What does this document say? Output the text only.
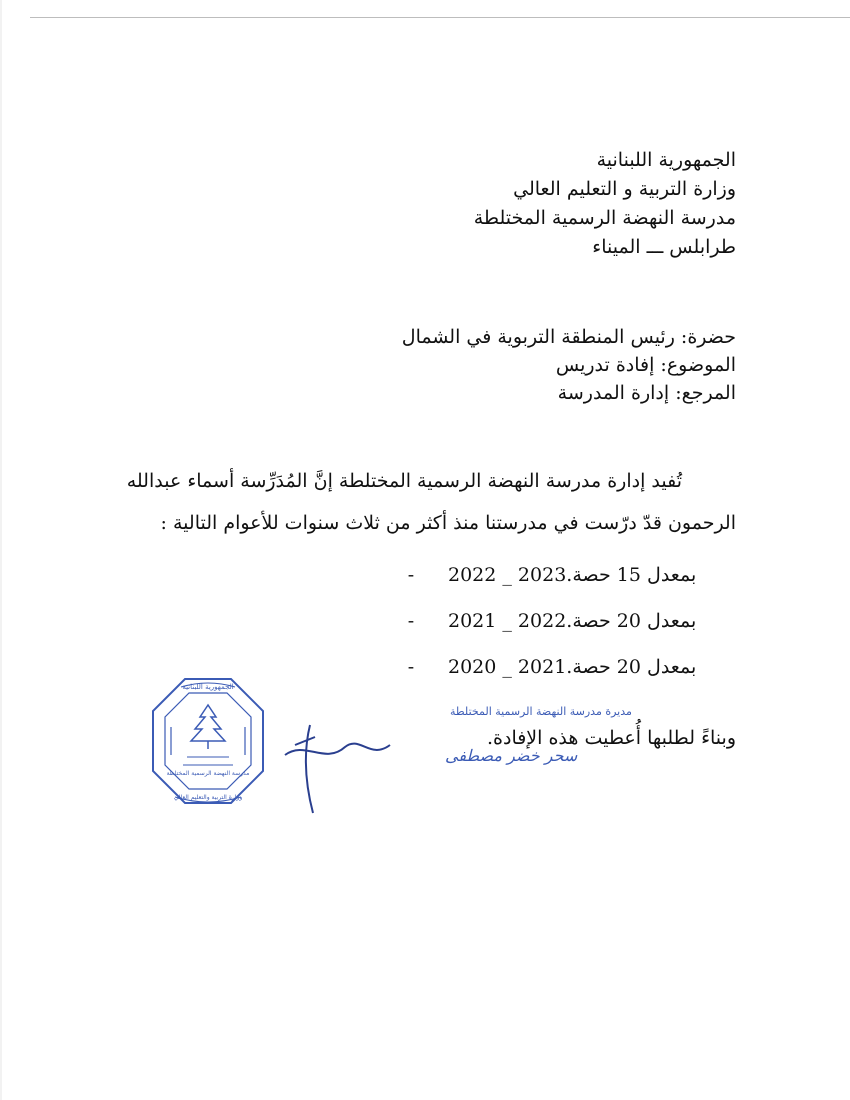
الجمهورية اللبنانية
وزارة التربية و التعليم العالي
مدرسة النهضة الرسمية المختلطة
طرابلس ـــ الميناء
حضرة: رئيس المنطقة التربوية في الشمال
الموضوع: إفادة تدريس
المرجع: إدارة المدرسة
تُفيد إدارة مدرسة النهضة الرسمية المختلطة إنَّ المُدَرِّسة أسماء عبدالله
الرحمون قدّ درّست في مدرستنا منذ أكثر من ثلاث سنوات للأعوام التالية :
-	2022 _ 2023 بمعدل 15 حصة.
-	2021 _ 2022 بمعدل 20 حصة.
-	2020 _ 2021 بمعدل 20 حصة.
وبناءً لطلبها أُعطيت هذه الإفادة.
مديرة مدرسة النهضة الرسمية المختلطة
سحر خضر مصطفى
الجمهورية اللبنانية
مدرسة النهضة الرسمية المختلطة
وزارة التربية والتعليم العالي
